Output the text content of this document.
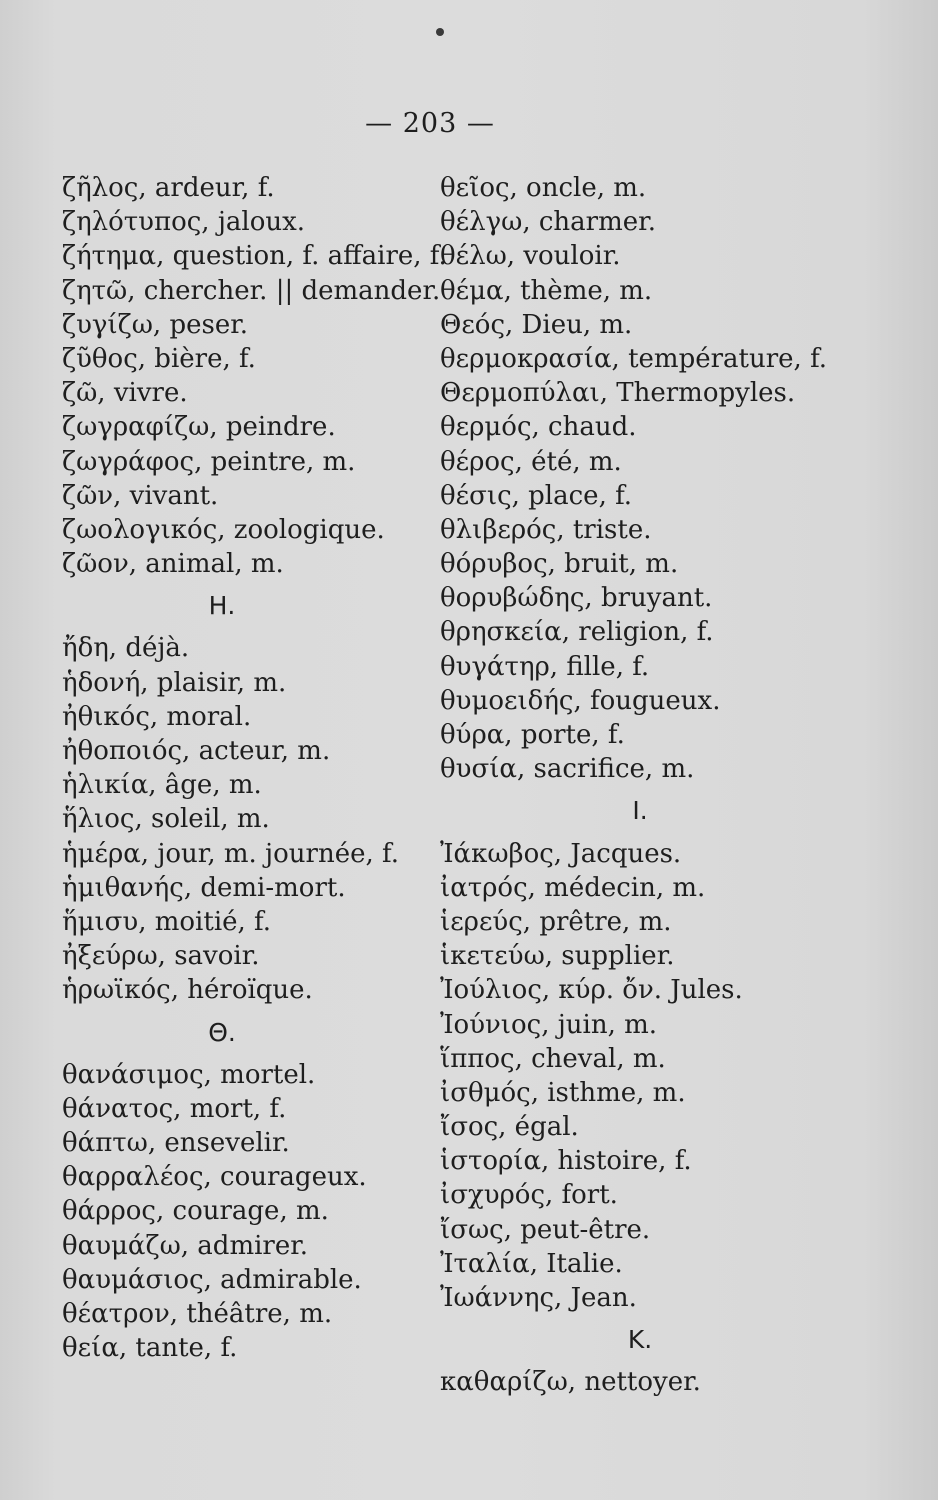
— 203 —
ζῆλος, ardeur, f.
ζηλότυπος, jaloux.
ζήτημα, question, f. affaire, f.
ζητῶ, chercher. || demander.
ζυγίζω, peser.
ζῦθος, bière, f.
ζῶ, vivre.
ζωγραφίζω, peindre.
ζωγράφος, peintre, m.
ζῶν, vivant.
ζωολογικός, zoologique.
ζῶον, animal, m.
Η.
ἤδη, déjà.
ἡδονή, plaisir, m.
ἠθικός, moral.
ἠθοποιός, acteur, m.
ἡλικία, âge, m.
ἥλιος, soleil, m.
ἡμέρα, jour, m. journée, f.
ἡμιθανής, demi-mort.
ἥμισυ, moitié, f.
ἠξεύρω, savoir.
ἡρωϊκός, héroïque.
Θ.
θανάσιμος, mortel.
θάνατος, mort, f.
θάπτω, ensevelir.
θαρραλέος, courageux.
θάρρος, courage, m.
θαυμάζω, admirer.
θαυμάσιος, admirable.
θέατρον, théâtre, m.
θεία, tante, f.
θεῖος, oncle, m.
θέλγω, charmer.
θέλω, vouloir.
θέμα, thème, m.
Θεός, Dieu, m.
θερμοκρασία, température, f.
Θερμοπύλαι, Thermopyles.
θερμός, chaud.
θέρος, été, m.
θέσις, place, f.
θλιβερός, triste.
θόρυβος, bruit, m.
θορυβώδης, bruyant.
θρησκεία, religion, f.
θυγάτηρ, fille, f.
θυμοειδής, fougueux.
θύρα, porte, f.
θυσία, sacrifice, m.
I.
Ἰάκωβος, Jacques.
ἰατρός, médecin, m.
ἱερεύς, prêtre, m.
ἱκετεύω, supplier.
Ἰούλιος, κύρ. ὄν. Jules.
Ἰούνιος, juin, m.
ἵππος, cheval, m.
ἰσθμός, isthme, m.
ἴσος, égal.
ἱστορία, histoire, f.
ἰσχυρός, fort.
ἴσως, peut-être.
Ἰταλία, Italie.
Ἰωάννης, Jean.
K.
καθαρίζω, nettoyer.
